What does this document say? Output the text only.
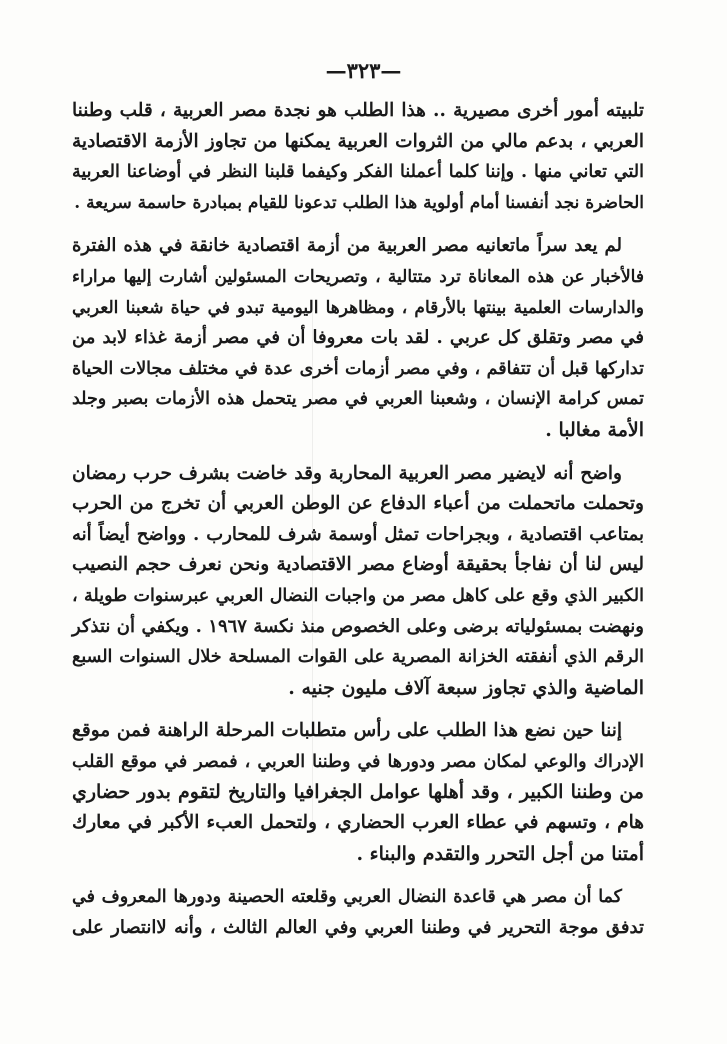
—٣٢٣—

تلبيته أمور أخرى مصيرية .. هذا الطلب هو نجدة مصر العربية ، قلب وطننا
العربي ، بدعم مالي من الثروات العربية يمكنها من تجاوز الأزمة الاقتصادية
التي تعاني منها . وإننا كلما أعملنا الفكر وكيفما قلبنا النظر في أوضاعنا العربية
الحاضرة نجد أنفسنا أمام أولوية هذا الطلب تدعونا للقيام بمبادرة حاسمة سريعة .

لم يعد سراً ماتعانيه مصر العربية من أزمة اقتصادية خانقة في هذه الفترة
فالأخبار عن هذه المعاناة ترد متتالية ، وتصريحات المسئولين أشارت إليها مراراء
والدارسات العلمية بينتها بالأرقام ، ومظاهرها اليومية تبدو في حياة شعبنا العربي
في مصر وتقلق كل عربي . لقد بات معروفا أن في مصر أزمة غذاء لابد من
تداركها قبل أن تتفاقم ، وفي مصر أزمات أخرى عدة في مختلف مجالات الحياة
تمس كرامة الإنسان ، وشعبنا العربي في مصر يتحمل هذه الأزمات بصبر وجلد
الأمة مغالبا .

واضح أنه لايضير مصر العربية المحاربة وقد خاضت بشرف حرب رمضان
وتحملت ماتحملت من أعباء الدفاع عن الوطن العربي أن تخرج من الحرب
بمتاعب اقتصادية ، وبجراحات تمثل أوسمة شرف للمحارب . وواضح أيضاً أنه
ليس لنا أن نفاجأ بحقيقة أوضاع مصر الاقتصادية ونحن نعرف حجم النصيب
الكبير الذي وقع على كاهل مصر من واجبات النضال العربي عبرسنوات طويلة ،
ونهضت بمسئولياته برضى وعلى الخصوص منذ نكسة ١٩٦٧ . ويكفي أن نتذكر
الرقم الذي أنفقته الخزانة المصرية على القوات المسلحة خلال السنوات السبع
الماضية والذي تجاوز سبعة آلاف مليون جنيه .

إننا حين نضع هذا الطلب على رأس متطلبات المرحلة الراهنة فمن موقع
الإدراك والوعي لمكان مصر ودورها في وطننا العربي ، فمصر في موقع القلب
من وطننا الكبير ، وقد أهلها عوامل الجغرافيا والتاريخ لتقوم بدور حضاري
هام ، وتسهم في عطاء العرب الحضاري ، ولتحمل العبء الأكبر في معارك
أمتنا من أجل التحرر والتقدم والبناء .

كما أن مصر هي قاعدة النضال العربي وقلعته الحصينة ودورها المعروف في
تدفق موجة التحرير في وطننا العربي وفي العالم الثالث ، وأنه لاانتصار على
